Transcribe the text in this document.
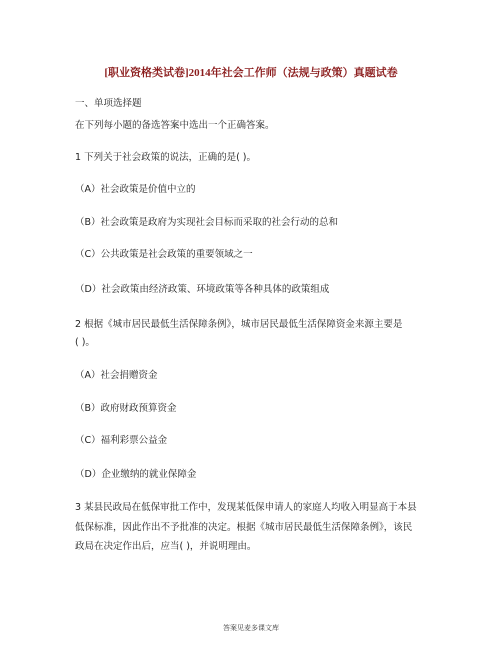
[职业资格类试卷]2014年社会工作师（法规与政策）真题试卷
一、单项选择题
在下列每小题的备选答案中选出一个正确答案。
1 下列关于社会政策的说法，正确的是( )。
（A）社会政策是价值中立的
（B）社会政策是政府为实现社会目标而采取的社会行动的总和
（C）公共政策是社会政策的重要领域之一
（D）社会政策由经济政策、环境政策等各种具体的政策组成
2 根据《城市居民最低生活保障条例》，城市居民最低生活保障资金来源主要是
( )。
（A）社会捐赠资金
（B）政府财政预算资金
（C）福利彩票公益金
（D）企业缴纳的就业保障金
3 某县民政局在低保审批工作中，发现某低保申请人的家庭人均收入明显高于本县
低保标准，因此作出不予批准的决定。根据《城市居民最低生活保障条例》，该民
政局在决定作出后，应当( )，并说明理由。
答案见麦多课文库
